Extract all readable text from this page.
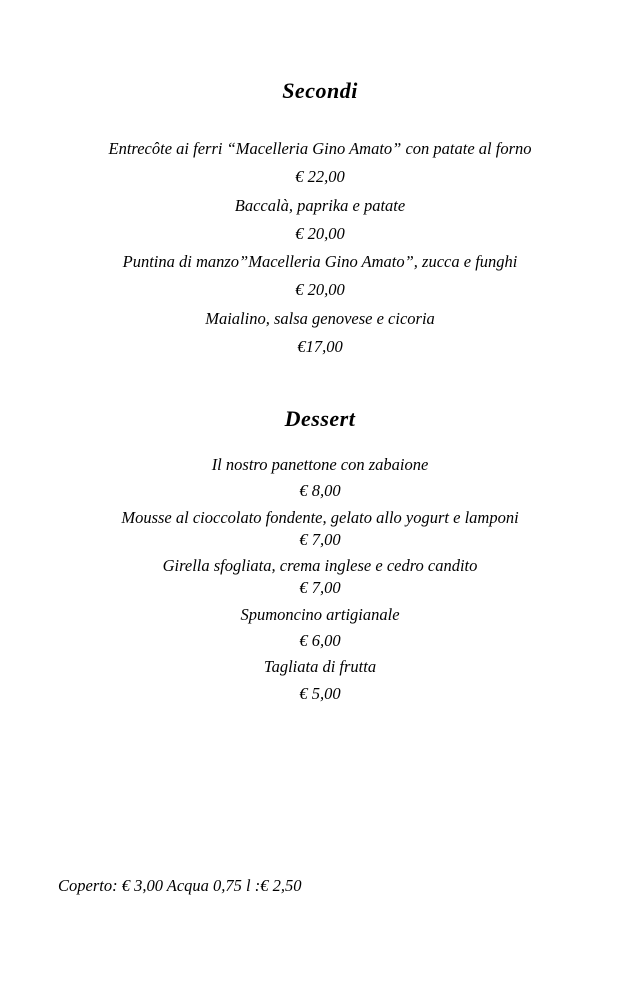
Secondi
Entrecôte ai ferri “Macelleria Gino Amato” con patate al forno
€ 22,00
Baccalà, paprika e patate
€ 20,00
Puntina di manzo”Macelleria Gino Amato”, zucca e funghi
€ 20,00
Maialino, salsa genovese e cicoria
€17,00
Dessert
Il nostro panettone con zabaione
€ 8,00
Mousse al cioccolato fondente, gelato allo yogurt e lamponi
€ 7,00
Girella sfogliata, crema inglese e cedro candito
€ 7,00
Spumoncino artigianale
€ 6,00
Tagliata di frutta
€ 5,00
Coperto: € 3,00 Acqua 0,75 l :€ 2,50
